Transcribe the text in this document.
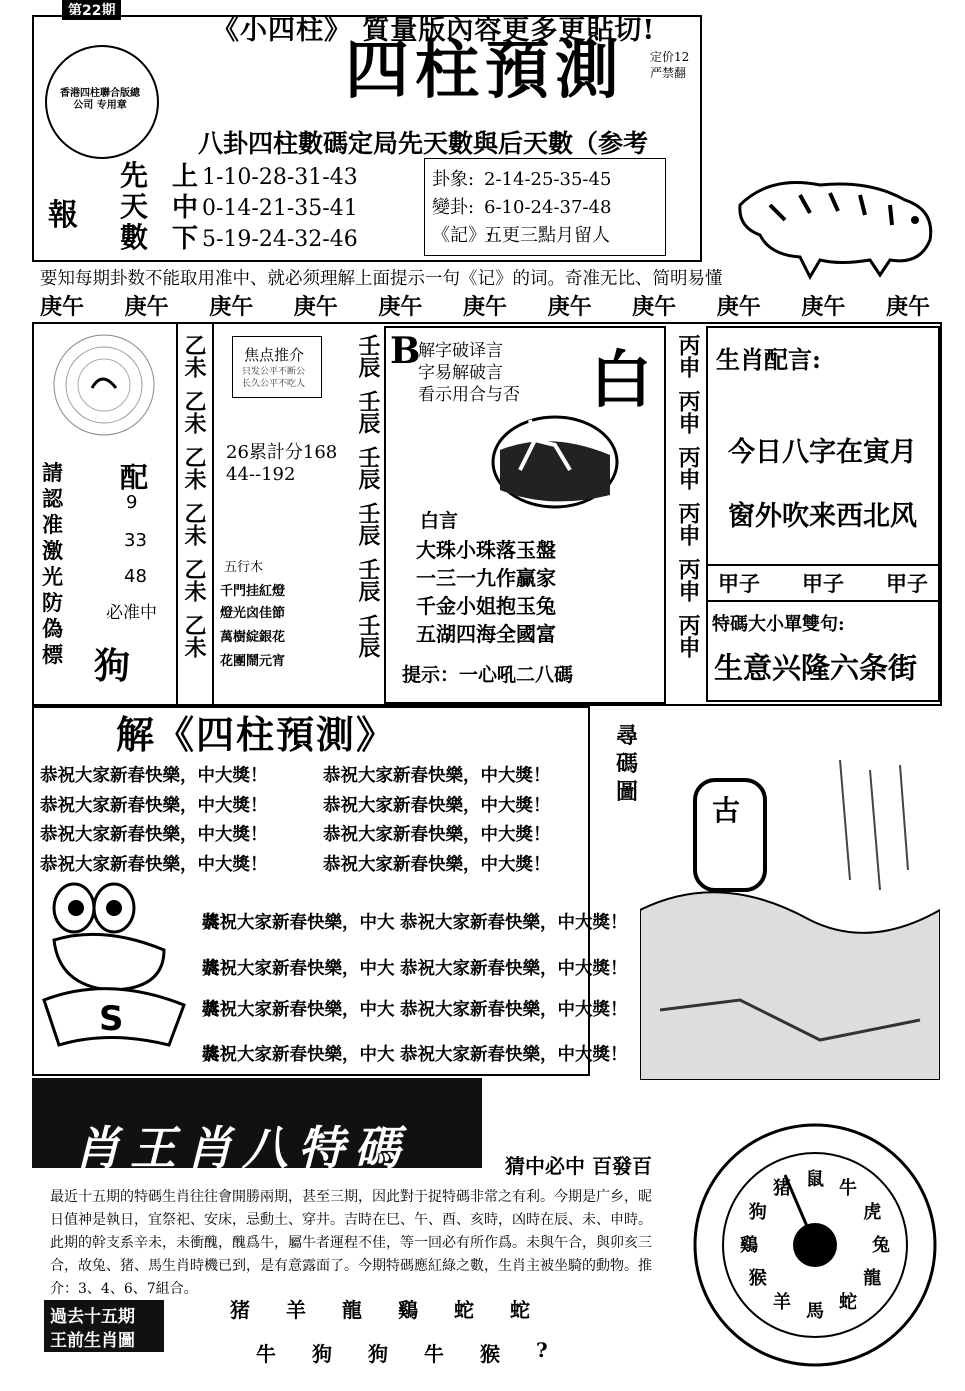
第22期
《小四柱》 質量版內容更多更貼切!
香港四柱聯合版總公司 专用章	四柱預測 定价12
严禁翻
八卦四柱數碼定局先天數與后天數（参考
報
先
天
數
上 1-10-28-31-43
中 0-14-21-35-41
下 5-19-24-32-46
卦象: 2-14-25-35-45
變卦: 6-10-24-37-48
《記》:
五更三點月留人
要知每期卦数不能取用准中、就必须理解上面提示一句《记》的词。奇准无比、简明易懂
庚午 庚午 庚午 庚午 庚午 庚午 庚午 庚午 庚午 庚午 庚午
請
認
准
激
光
防
偽
標
配
9
33
48
必准中
狗
乙未
乙未
乙未
乙未
乙未
乙未
焦点推介
只发公平不断公
长久公平不吃人
26累計分168
44--192
五行木
千門挂紅燈
燈光囟佳節
萬樹綻銀花
花團鬧元宵
壬辰
壬辰
壬辰
壬辰
壬辰
壬辰
B
解字破译言
字易解破言
看示用合与否 白
白言
大珠小珠落玉盤
一三一九作贏家
千金小姐抱玉兔
五湖四海全國富
提示：一心吼二八碼
丙申
丙申
丙申
丙申
丙申
丙申
生肖配言:
今日八字在寅月
窗外吹来西北风
甲子 甲子 甲子
特碼大小單雙句:
生意兴隆六条街
解《四柱預測》	尋
碼
圖
恭祝大家新春快樂，中大獎！	恭祝大家新春快樂，中大獎！
恭祝大家新春快樂，中大獎！	恭祝大家新春快樂，中大獎！
恭祝大家新春快樂，中大獎！	恭祝大家新春快樂，中大獎！
恭祝大家新春快樂，中大獎！	恭祝大家新春快樂，中大獎！
恭祝大家新春快樂，中大獎！	恭祝大家新春快樂，中大獎！
恭祝大家新春快樂，中大獎！	恭祝大家新春快樂，中大獎！
恭祝大家新春快樂，中大獎！	恭祝大家新春快樂，中大獎！
恭祝大家新春快樂，中大獎！	恭祝大家新春快樂，中大獎！
S
古
肖王肖八特碼	猜中必中 百發百
最近十五期的特碼生肖往往會開勝兩期，甚至三期，因此對于捉特碼非常之有利。今期是广乡，昵日值神是執日，宜祭祀、安床，忌動土、穿井。吉時在巳、午、酉、亥時，凶時在辰、未、申時。此期的幹支系辛未，未衝醜，醜爲牛，屬牛者運程不佳，等一回必有所作爲。未與午合，與卯亥三合，故兔、猪、馬生肖時機已到，是有意露面了。今期特碼應紅綠之數，生肖主被坐騎的動物。推介：3、4、6、7組合。
過去十五期
王前生肖圖
猪	羊	龍	鷄	蛇	蛇
牛	狗	狗	牛	猴	?
鼠 牛
虎
兔
龍
蛇
馬
羊
猴
鷄
狗
猪
